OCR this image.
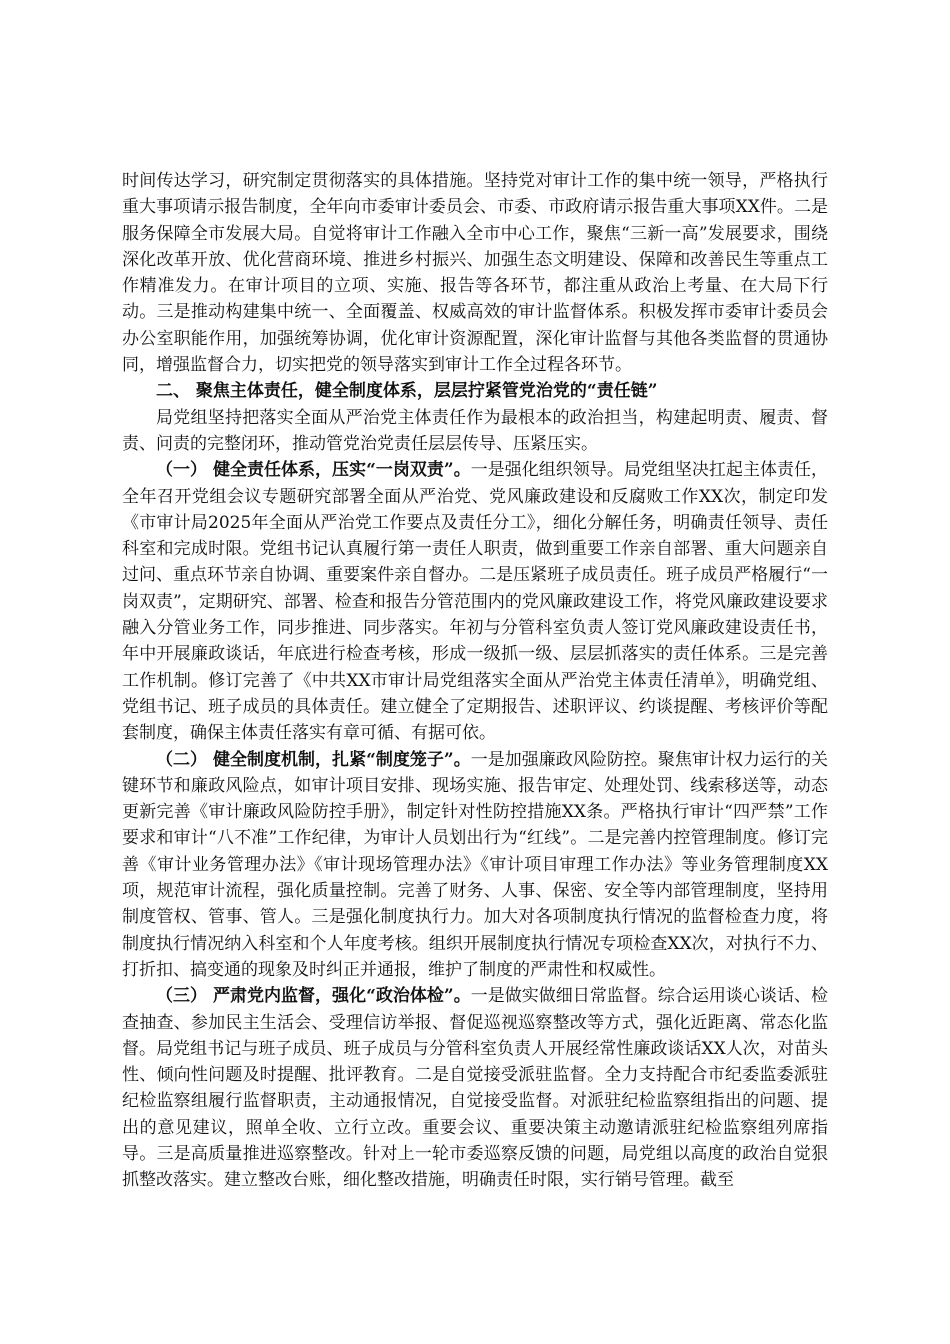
时间传达学习，研究制定贯彻落实的具体措施。坚持党对审计工作的集中统一领导，严格执行重大事项请示报告制度，全年向市委审计委员会、市委、市政府请示报告重大事项XX件。二是服务保障全市发展大局。自觉将审计工作融入全市中心工作，聚焦“三新一高”发展要求，围绕深化改革开放、优化营商环境、推进乡村振兴、加强生态文明建设、保障和改善民生等重点工作精准发力。在审计项目的立项、实施、报告等各环节，都注重从政治上考量、在大局下行动。三是推动构建集中统一、全面覆盖、权威高效的审计监督体系。积极发挥市委审计委员会办公室职能作用，加强统筹协调，优化审计资源配置，深化审计监督与其他各类监督的贯通协同，增强监督合力，切实把党的领导落实到审计工作全过程各环节。

二、 聚焦主体责任，健全制度体系，层层拧紧管党治党的“责任链”

局党组坚持把落实全面从严治党主体责任作为最根本的政治担当，构建起明责、履责、督责、问责的完整闭环，推动管党治党责任层层传导、压紧压实。

（一） 健全责任体系，压实“一岗双责”。一是强化组织领导。局党组坚决扛起主体责任，全年召开党组会议专题研究部署全面从严治党、党风廉政建设和反腐败工作XX次，制定印发《市审计局2025年全面从严治党工作要点及责任分工》，细化分解任务，明确责任领导、责任科室和完成时限。党组书记认真履行第一责任人职责，做到重要工作亲自部署、重大问题亲自过问、重点环节亲自协调、重要案件亲自督办。二是压紧班子成员责任。班子成员严格履行“一岗双责”，定期研究、部署、检查和报告分管范围内的党风廉政建设工作，将党风廉政建设要求融入分管业务工作，同步推进、同步落实。年初与分管科室负责人签订党风廉政建设责任书，年中开展廉政谈话，年底进行检查考核，形成一级抓一级、层层抓落实的责任体系。三是完善工作机制。修订完善了《中共XX市审计局党组落实全面从严治党主体责任清单》，明确党组、党组书记、班子成员的具体责任。建立健全了定期报告、述职评议、约谈提醒、考核评价等配套制度，确保主体责任落实有章可循、有据可依。

（二） 健全制度机制，扎紧“制度笼子”。一是加强廉政风险防控。聚焦审计权力运行的关键环节和廉政风险点，如审计项目安排、现场实施、报告审定、处理处罚、线索移送等，动态更新完善《审计廉政风险防控手册》，制定针对性防控措施XX条。严格执行审计“四严禁”工作要求和审计“八不准”工作纪律，为审计人员划出行为“红线”。二是完善内控管理制度。修订完善《审计业务管理办法》《审计现场管理办法》《审计项目审理工作办法》等业务管理制度XX项，规范审计流程，强化质量控制。完善了财务、人事、保密、安全等内部管理制度，坚持用制度管权、管事、管人。三是强化制度执行力。加大对各项制度执行情况的监督检查力度，将制度执行情况纳入科室和个人年度考核。组织开展制度执行情况专项检查XX次，对执行不力、打折扣、搞变通的现象及时纠正并通报，维护了制度的严肃性和权威性。

（三） 严肃党内监督，强化“政治体检”。一是做实做细日常监督。综合运用谈心谈话、检查抽查、参加民主生活会、受理信访举报、督促巡视巡察整改等方式，强化近距离、常态化监督。局党组书记与班子成员、班子成员与分管科室负责人开展经常性廉政谈话XX人次，对苗头性、倾向性问题及时提醒、批评教育。二是自觉接受派驻监督。全力支持配合市纪委监委派驻纪检监察组履行监督职责，主动通报情况，自觉接受监督。对派驻纪检监察组指出的问题、提出的意见建议，照单全收、立行立改。重要会议、重要决策主动邀请派驻纪检监察组列席指导。三是高质量推进巡察整改。针对上一轮市委巡察反馈的问题，局党组以高度的政治自觉狠抓整改落实。建立整改台账，细化整改措施，明确责任时限，实行销号管理。截至
